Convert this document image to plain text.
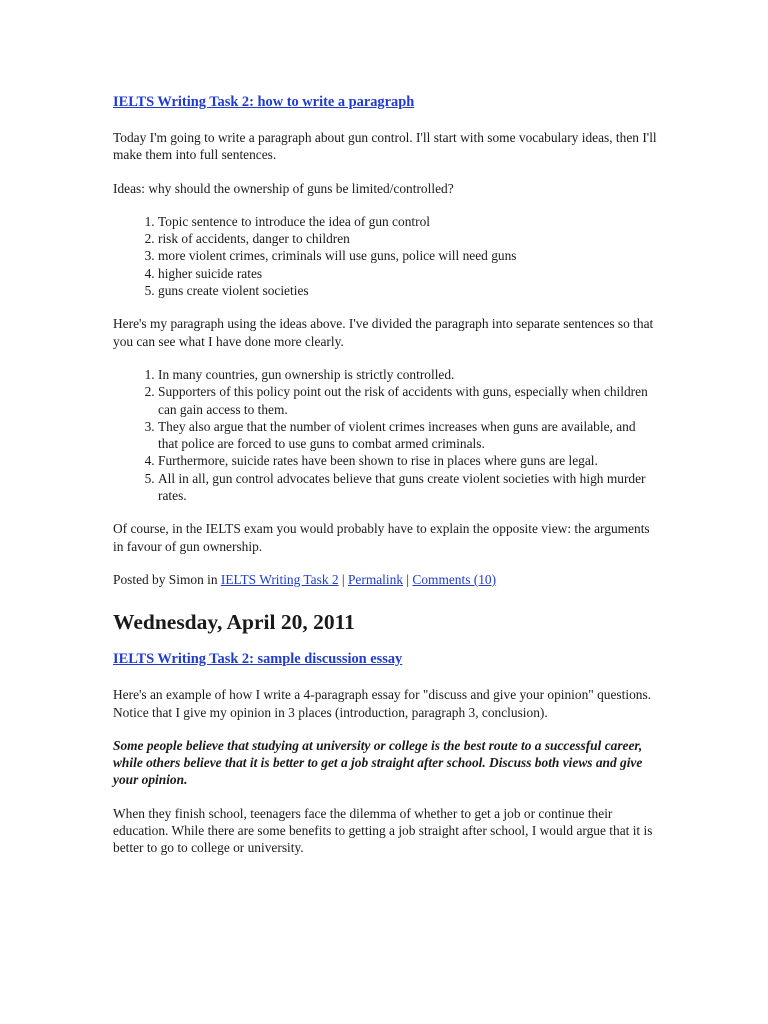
IELTS Writing Task 2: how to write a paragraph

Today I'm going to write a paragraph about gun control. I'll start with some vocabulary ideas, then I'll make them into full sentences.

Ideas: why should the ownership of guns be limited/controlled?

1. Topic sentence to introduce the idea of gun control
2. risk of accidents, danger to children
3. more violent crimes, criminals will use guns, police will need guns
4. higher suicide rates
5. guns create violent societies

Here's my paragraph using the ideas above. I've divided the paragraph into separate sentences so that you can see what I have done more clearly.

1. In many countries, gun ownership is strictly controlled.
2. Supporters of this policy point out the risk of accidents with guns, especially when children can gain access to them.
3. They also argue that the number of violent crimes increases when guns are available, and that police are forced to use guns to combat armed criminals.
4. Furthermore, suicide rates have been shown to rise in places where guns are legal.
5. All in all, gun control advocates believe that guns create violent societies with high murder rates.

Of course, in the IELTS exam you would probably have to explain the opposite view: the arguments in favour of gun ownership.

Posted by Simon in IELTS Writing Task 2 | Permalink | Comments (10)

Wednesday, April 20, 2011
IELTS Writing Task 2: sample discussion essay

Here's an example of how I write a 4-paragraph essay for "discuss and give your opinion" questions. Notice that I give my opinion in 3 places (introduction, paragraph 3, conclusion).

Some people believe that studying at university or college is the best route to a successful career, while others believe that it is better to get a job straight after school. Discuss both views and give your opinion.

When they finish school, teenagers face the dilemma of whether to get a job or continue their education. While there are some benefits to getting a job straight after school, I would argue that it is better to go to college or university.
